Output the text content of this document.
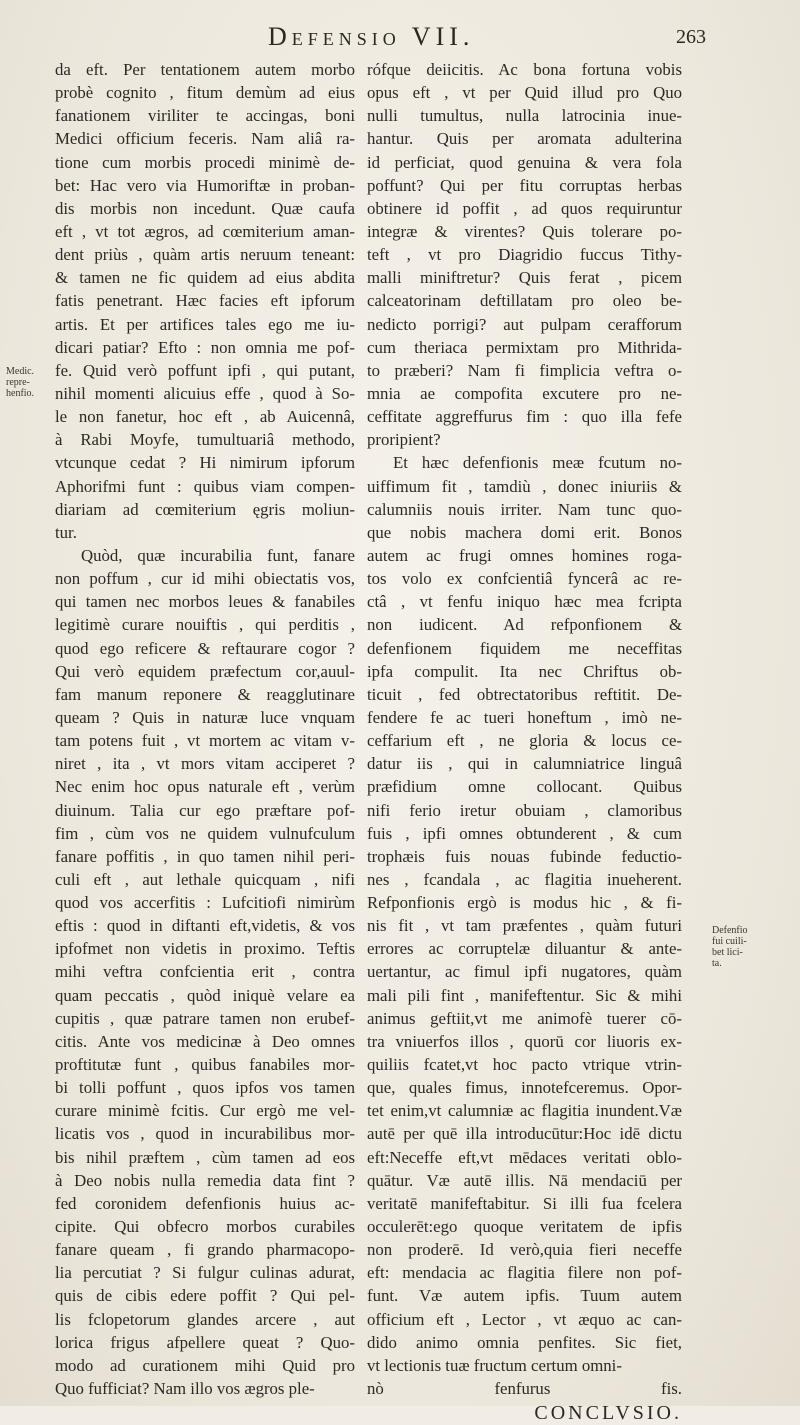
Defensio VII.	263
Medic.
repre-
henfio.
Defenfio
fui cuili-
bet lici-
ta.
da eft. Per tentationem autem morbo
probè cognito , fitum demùm ad eius
fanationem viriliter te accingas, boni
Medici officium feceris. Nam aliâ ra-
tione cum morbis procedi minimè de-
bet: Hac vero via Humoriftæ in proban-
dis morbis non incedunt. Quæ caufa
eft , vt tot ægros, ad cœmiterium aman-
dent priùs , quàm artis neruum teneant:
& tamen ne fic quidem ad eius abdita
fatis penetrant. Hæc facies eft ipforum
artis. Et per artifices tales ego me iu-
dicari patiar? Efto : non omnia me pof-
fe. Quid verò poffunt ipfi , qui putant,
nihil momenti alicuius effe , quod à So-
le non fanetur, hoc eft , ab Auicennâ,
à Rabi Moyfe, tumultuariâ methodo,
vtcunque cedat ? Hi nimirum ipforum
Aphorifmi funt : quibus viam compen-
diariam ad cœmiterium ęgris moliun-
tur.
Quòd, quæ incurabilia funt, fanare
non poffum , cur id mihi obiectatis vos,
qui tamen nec morbos leues & fanabiles
legitimè curare nouiftis , qui perditis ,
quod ego reficere & reftaurare cogor ?
Qui verò equidem præfectum cor,auul-
fam manum reponere & reagglutinare
queam ? Quis in naturæ luce vnquam
tam potens fuit , vt mortem ac vitam v-
niret , ita , vt mors vitam acciperet ?
Nec enim hoc opus naturale eft , verùm
diuinum. Talia cur ego præftare pof-
fim , cùm vos ne quidem vulnufculum
fanare poffitis , in quo tamen nihil peri-
culi eft , aut lethale quicquam , nifi
quod vos accerfitis : Lufcitiofi nimirùm
eftis : quod in diftanti eft,videtis, & vos
ipfofmet non videtis in proximo. Teftis
mihi veftra confcientia erit , contra
quam peccatis , quòd iniquè velare ea
cupitis , quæ patrare tamen non erubef-
citis. Ante vos medicinæ à Deo omnes
proftitutæ funt , quibus fanabiles mor-
bi tolli poffunt , quos ipfos vos tamen
curare minimè fcitis. Cur ergò me vel-
licatis vos , quod in incurabilibus mor-
bis nihil præftem , cùm tamen ad eos
à Deo nobis nulla remedia data fint ?
fed coronidem defenfionis huius ac-
cipite. Qui obfecro morbos curabiles
fanare queam , fi grando pharmacopo-
lia percutiat ? Si fulgur culinas adurat,
quis de cibis edere poffit ? Qui pel-
lis fclopetorum glandes arcere , aut
lorica frigus afpellere queat ? Quo-
modo ad curationem mihi Quid pro
Quo fufficiat? Nam illo vos ægros ple-
rófque deiicitis. Ac bona fortuna vobis
opus eft , vt per Quid illud pro Quo
nulli tumultus, nulla latrocinia inue-
hantur. Quis per aromata adulterina
id perficiat, quod genuina & vera fola
poffunt? Qui per fitu corruptas herbas
obtinere id poffit , ad quos requiruntur
integræ & virentes? Quis tolerare po-
teft , vt pro Diagridio fuccus Tithy-
malli miniftretur? Quis ferat , picem
calceatorinam deftillatam pro oleo be-
nedicto porrigi? aut pulpam cerafforum
cum theriaca permixtam pro Mithrida-
to præberi? Nam fi fimplicia veftra o-
mnia ae compofita excutere pro ne-
ceffitate aggreffurus fim : quo illa fefe
proripient?
Et hæc defenfionis meæ fcutum no-
uiffimum fit , tamdiù , donec iniuriis &
calumniis nouis irriter. Nam tunc quo-
que nobis machera domi erit. Bonos
autem ac frugi omnes homines roga-
tos volo ex confcientiâ fyncerâ ac re-
ctâ , vt fenfu iniquo hæc mea fcripta
non iudicent. Ad refponfionem &
defenfionem fiquidem me neceffitas
ipfa compulit. Ita nec Chriftus ob-
ticuit , fed obtrectatoribus reftitit. De-
fendere fe ac tueri honeftum , imò ne-
ceffarium eft , ne gloria & locus ce-
datur iis , qui in calumniatrice linguâ
præfidium omne collocant. Quibus
nifi ferio iretur obuiam , clamoribus
fuis , ipfi omnes obtunderent , & cum
trophæis fuis nouas fubinde feductio-
nes , fcandala , ac flagitia inueherent.
Refponfionis ergò is modus hic , & fi-
nis fit , vt tam præfentes , quàm futuri
errores ac corruptelæ diluantur & ante-
uertantur, ac fimul ipfi nugatores, quàm
mali pili fint , manifeftentur. Sic & mihi
animus geftiit,vt me animofè tuerer cō-
tra vniuerfos illos , quorū cor liuoris ex-
quiliis fcatet,vt hoc pacto vtrique vtrin-
que, quales fimus, innotefceremus. Opor-
tet enim,vt calumniæ ac flagitia inundent.Væ
autē per quē illa introducūtur:Hoc idē dictu
eft:Neceffe eft,vt mēdaces veritati oblo-
quātur. Væ autē illis. Nā mendaciū per
veritatē manifeftabitur. Si illi fua fcelera
occulerēt:ego quoque veritatem de ipfis
non proderē. Id verò,quia fieri neceffe
eft: mendacia ac flagitia filere non pof-
funt. Væ autem ipfis. Tuum autem
officium eft , Lector , vt æquo ac can-
dido animo omnia penfites. Sic fiet,
vt lectionis tuæ fructum certum omni-
nò fenfurus fis.
CONCLVSIO.
